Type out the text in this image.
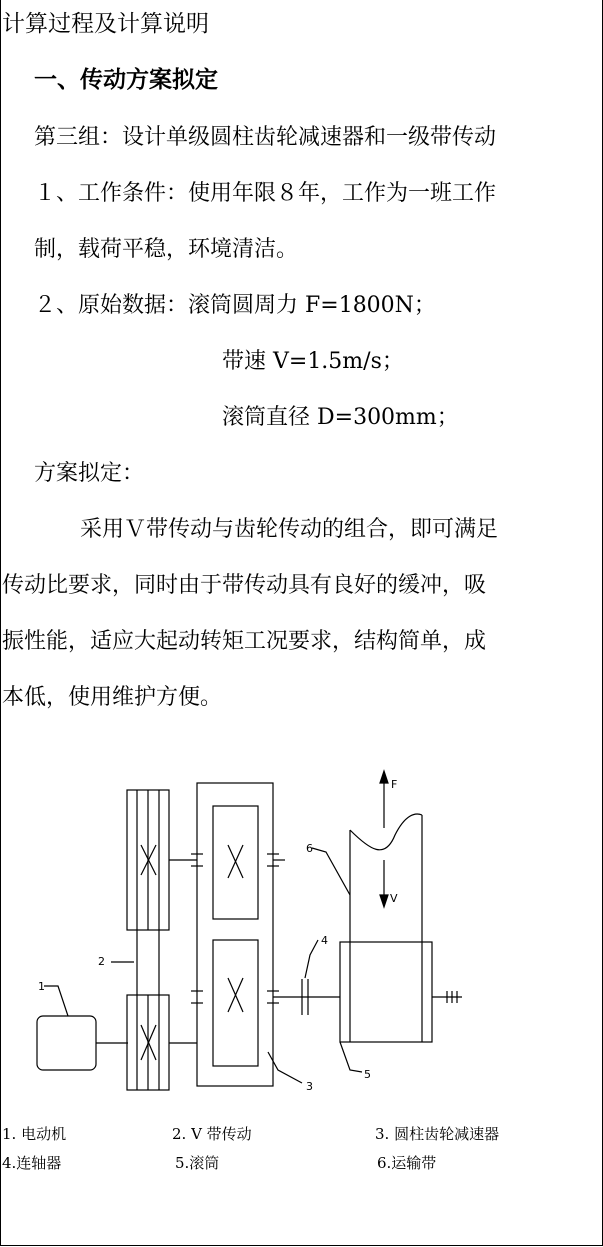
计算过程及计算说明
一、传动方案拟定
第三组：设计单级圆柱齿轮减速器和一级带传动
１、工作条件：使用年限８年，工作为一班工作
制，载荷平稳，环境清洁。
２、原始数据：滚筒圆周力 F=1800N；
带速 V=1.5m/s；
滚筒直径 D=300mm；
方案拟定：
采用Ｖ带传动与齿轮传动的组合，即可满足
传动比要求，同时由于带传动具有良好的缓冲，吸
振性能，适应大起动转矩工况要求，结构简单，成
本低，使用维护方便。
1
2
3
4
5
6
F
V
1. 电动机	2. V 带传动	3. 圆柱齿轮减速器
4.连轴器	5.滚筒	6.运输带
